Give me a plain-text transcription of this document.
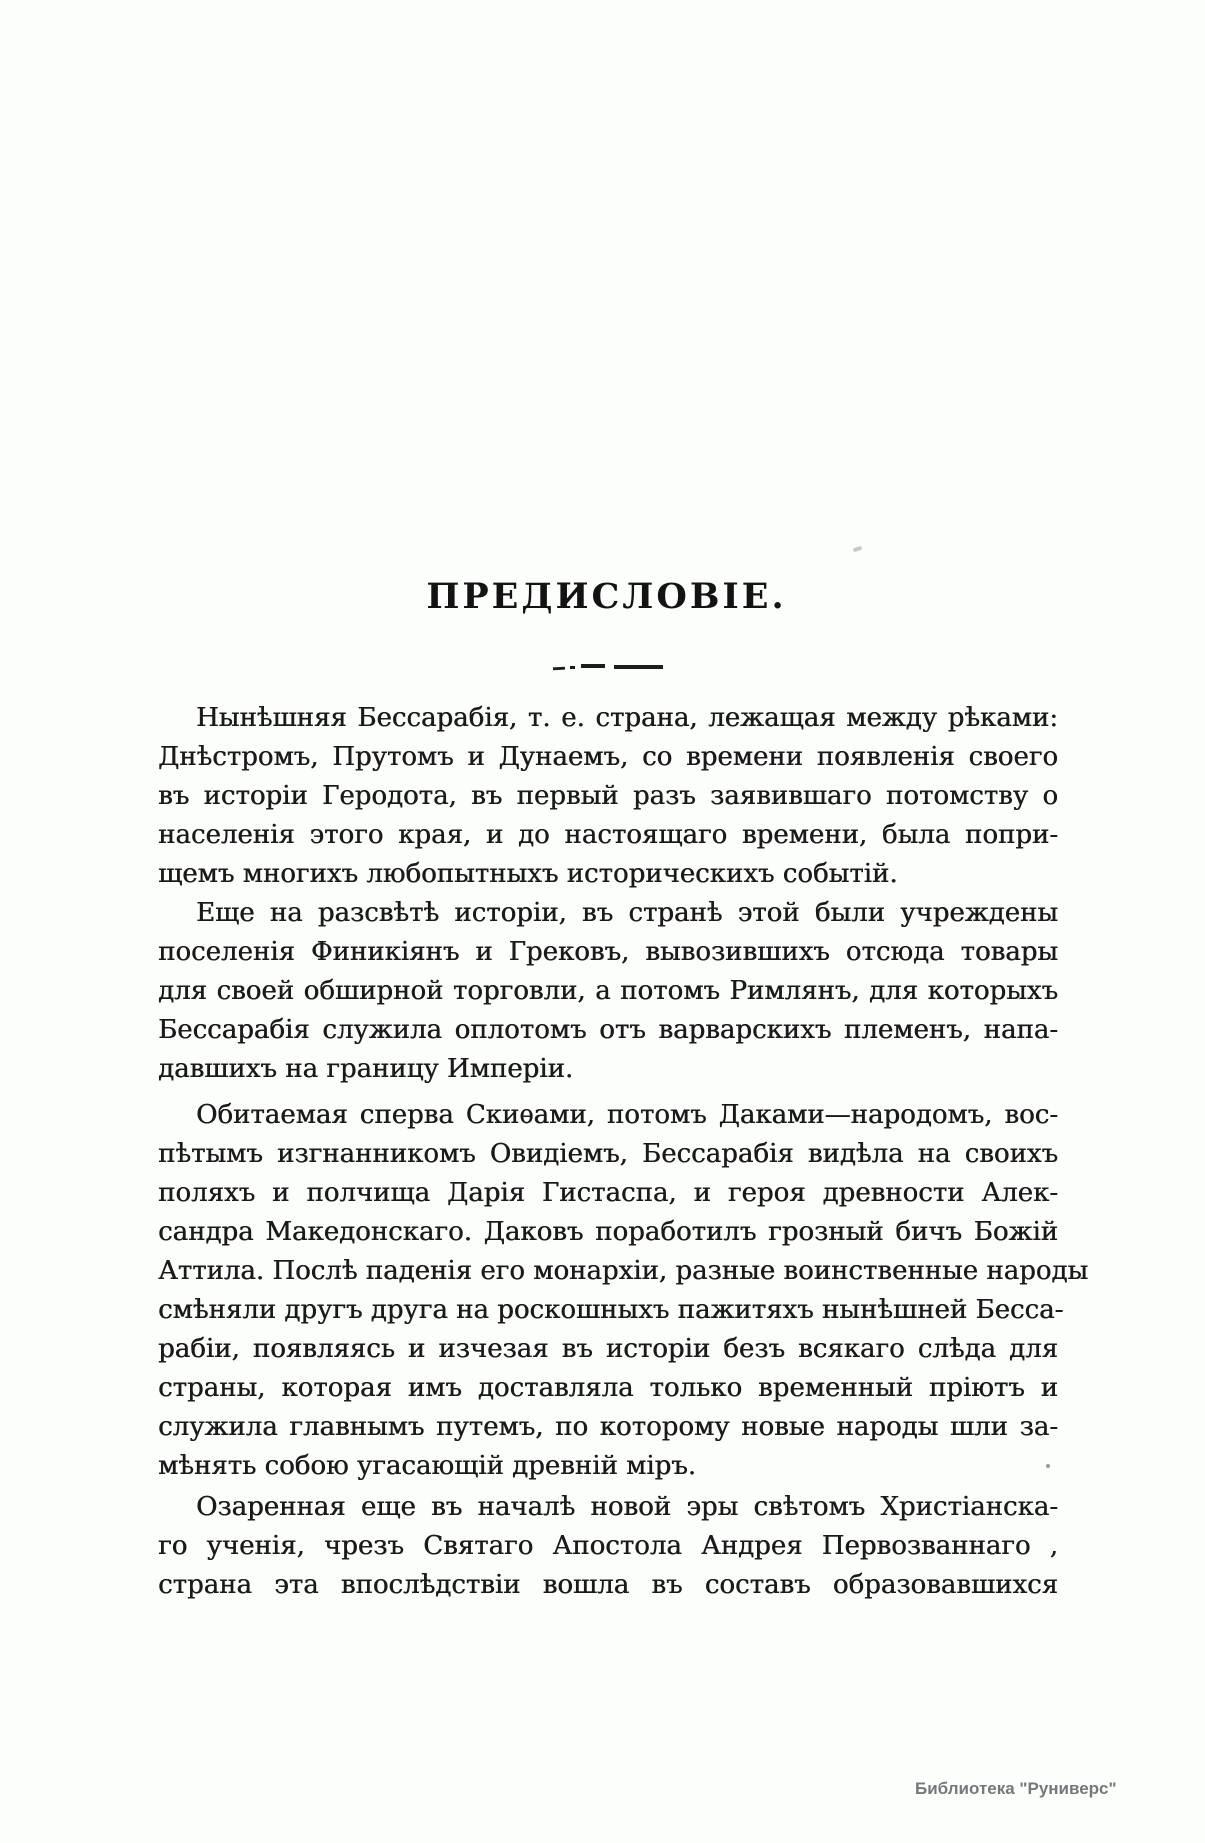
ПРЕДИСЛОВІЕ.
Нынѣшняя Бессарабія, т. е. страна, лежащая между рѣками:
Днѣстромъ, Прутомъ и Дунаемъ, со времени появленія своего
въ исторіи Геродота, въ первый разъ заявившаго потомству о
населенія этого края, и до настоящаго времени, была попри-
щемъ многихъ любопытныхъ историческихъ событій.
Еще на разсвѣтѣ исторіи, въ странѣ этой были учреждены
поселенія Финикіянъ и Грековъ, вывозившихъ отсюда товары
для своей обширной торговли, а потомъ Римлянъ, для которыхъ
Бессарабія служила оплотомъ отъ варварскихъ племенъ, напа-
давшихъ на границу Имперіи.
Обитаемая сперва Скиѳами, потомъ Даками—народомъ, вос-
пѣтымъ изгнанникомъ Овидіемъ, Бессарабія видѣла на своихъ
поляхъ и полчища Дарія Гистаспа, и героя древности Алек-
сандра Македонскаго. Даковъ поработилъ грозный бичъ Божій
Аттила. Послѣ паденія его монархіи, разные воинственные народы
смѣняли другъ друга на роскошныхъ пажитяхъ нынѣшней Бесса-
рабіи, появляясь и изчезая въ исторіи безъ всякаго слѣда для
страны, которая имъ доставляла только временный пріютъ и
служила главнымъ путемъ, по которому новые народы шли за-
мѣнять собою угасающій древній міръ.
Озаренная еще въ началѣ новой эры свѣтомъ Христіанска-
го ученія, чрезъ Святаго Апостола Андрея Первозваннаго ,
страна эта впослѣдствіи вошла въ составъ образовавшихся
Библиотека "Руниверс"
